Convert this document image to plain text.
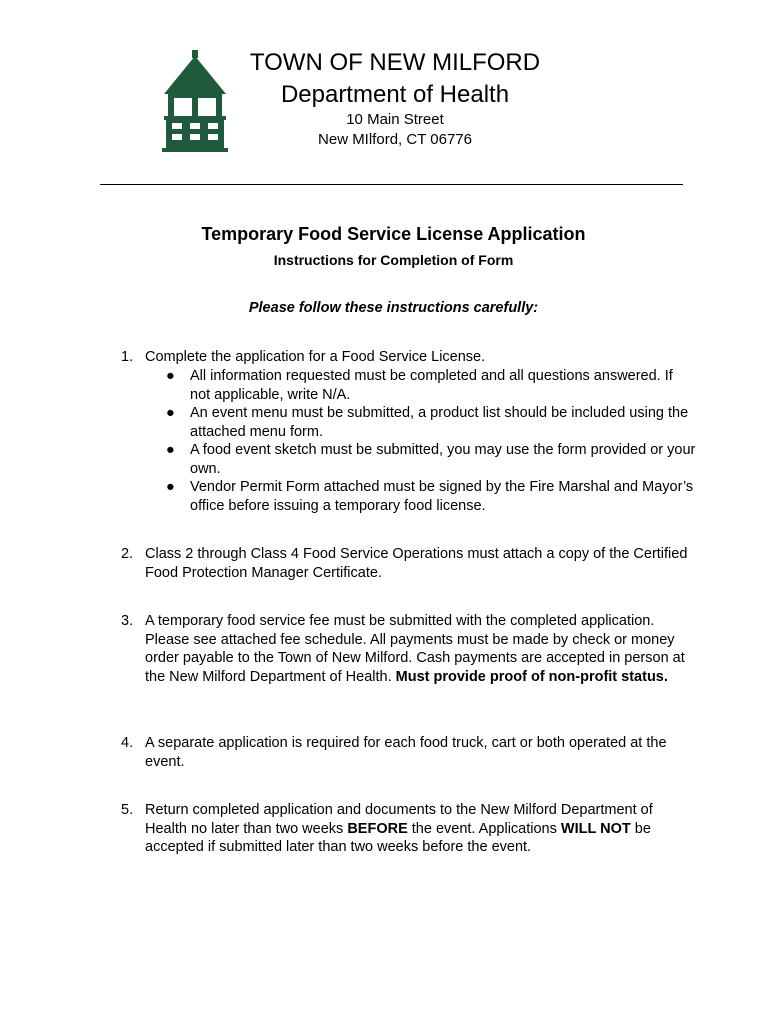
TOWN OF NEW MILFORD
Department of Health
10 Main Street
New MIlford, CT 06776
Temporary Food Service License Application
Instructions for Completion of Form
Please follow these instructions carefully:
1. Complete the application for a Food Service License.
● All information requested must be completed and all questions answered. If not applicable, write N/A.
● An event menu must be submitted, a product list should be included using the attached menu form.
● A food event sketch must be submitted, you may use the form provided or your own.
● Vendor Permit Form attached must be signed by the Fire Marshal and Mayor’s office before issuing a temporary food license.
2. Class 2 through Class 4 Food Service Operations must attach a copy of the Certified Food Protection Manager Certificate.
3. A temporary food service fee must be submitted with the completed application. Please see attached fee schedule. All payments must be made by check or money order payable to the Town of New Milford. Cash payments are accepted in person at the New Milford Department of Health. Must provide proof of non-profit status.
4. A separate application is required for each food truck, cart or both operated at the event.
5. Return completed application and documents to the New Milford Department of Health no later than two weeks BEFORE the event. Applications WILL NOT be accepted if submitted later than two weeks before the event.
